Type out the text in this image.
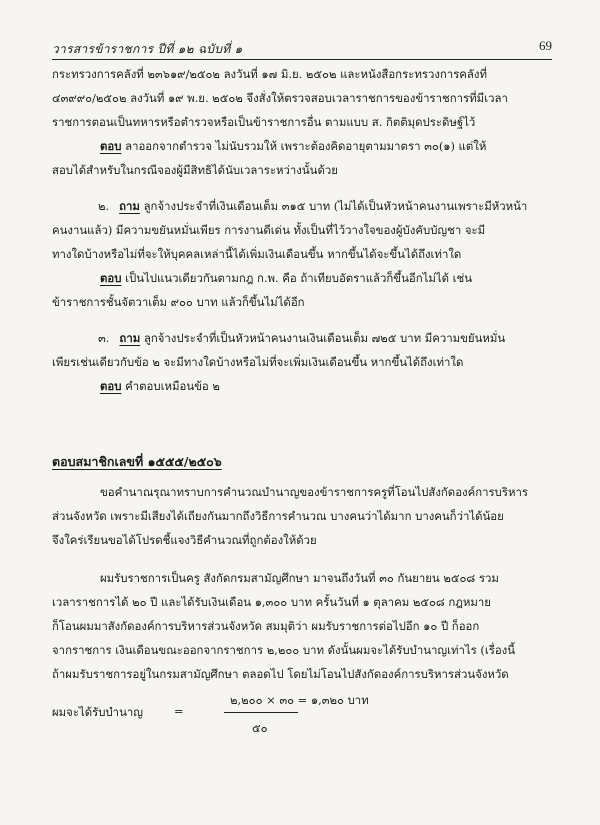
วารสารข้าราชการ ปีที่ ๑๒ ฉบับที่ ๑	69
กระทรวงการคลังที่ ๒๓๖๑๙/๒๕๐๒ ลงวันที่ ๑๗ มิ.ย. ๒๕๐๒ และหนังสือกระทรวงการคลังที่
๔๓๙๙๐/๒๕๐๒ ลงวันที่ ๑๙ พ.ย. ๒๕๐๒ จึงสั่งให้ตรวจสอบเวลาราชการของข้าราชการที่มีเวลา
ราชการตอนเป็นทหารหรือตำรวจหรือเป็นข้าราชการอื่น ตามแบบ ส. กิตติมุดประดิษฐ์ไว้
ตอบ ลาออกจากตำรวจ ไม่นับรวมให้ เพราะต้องคิดอายุตามมาตรา ๓๐(๑) แต่ให้
สอบได้สำหรับในกรณีจองผู้มีสิทธิได้นับเวลาระหว่างนั้นด้วย
๒. ถาม ลูกจ้างประจำที่เงินเดือนเต็ม ๓๑๕ บาท (ไม่ได้เป็นหัวหน้าคนงานเพราะมีหัวหน้า
คนงานแล้ว) มีความขยันหมั่นเพียร การงานดีเด่น ทั้งเป็นที่ไว้วางใจของผู้บังคับบัญชา จะมี
ทางใดบ้างหรือไม่ที่จะให้บุคคลเหล่านี้ได้เพิ่มเงินเดือนขึ้น หากขึ้นได้จะขึ้นได้ถึงเท่าใด
ตอบ เป็นไปแนวเดียวกันตามกฎ ก.พ. คือ ถ้าเทียบอัตราแล้วก็ขึ้นอีกไม่ได้ เช่น
ข้าราชการชั้นจัตวาเต็ม ๙๐๐ บาท แล้วก็ขึ้นไม่ได้อีก
๓. ถาม ลูกจ้างประจำที่เป็นหัวหน้าคนงานเงินเดือนเต็ม ๗๒๕ บาท มีความขยันหมั่น
เพียรเช่นเดียวกับข้อ ๒ จะมีทางใดบ้างหรือไม่ที่จะเพิ่มเงินเดือนขึ้น หากขึ้นได้ถึงเท่าใด
ตอบ คำตอบเหมือนข้อ ๒
ตอบสมาชิกเลขที่ ๑๕๕๕/๒๕๐๖
ขอคำนาณรุณาทราบการคำนวณบำนาญของข้าราชการครูที่โอนไปสังกัดองค์การบริหาร
ส่วนจังหวัด เพราะมีเสียงได้เถียงกันมากถึงวิธีการคำนวณ บางคนว่าได้มาก บางคนก็ว่าได้น้อย
จึงใคร่เรียนขอได้โปรดชี้แจงวิธีคำนวณที่ถูกต้องให้ด้วย
ผมรับราชการเป็นครู สังกัดกรมสามัญศึกษา มาจนถึงวันที่ ๓๐ กันยายน ๒๕๐๘ รวม
เวลาราชการได้ ๒๐ ปี และได้รับเงินเดือน ๑,๓๐๐ บาท ครั้นวันที่ ๑ ตุลาคม ๒๕๐๘ กฎหมาย
ก็โอนผมมาสังกัดองค์การบริหารส่วนจังหวัด สมมุติว่า ผมรับราชการต่อไปอีก ๑๐ ปี ก็ออก
จากราชการ เงินเดือนขณะออกจากราชการ ๒,๒๐๐ บาท ดังนั้นผมจะได้รับบำนาญเท่าไร (เรื่องนี้
ถ้าผมรับราชการอยู่ในกรมสามัญศึกษา ตลอดไป โดยไม่โอนไปสังกัดองค์การบริหารส่วนจังหวัด
ผมจะได้รับบำนาญ	=
๒,๒๐๐ × ๓๐ = ๑,๓๒๐ บาท
๕๐
